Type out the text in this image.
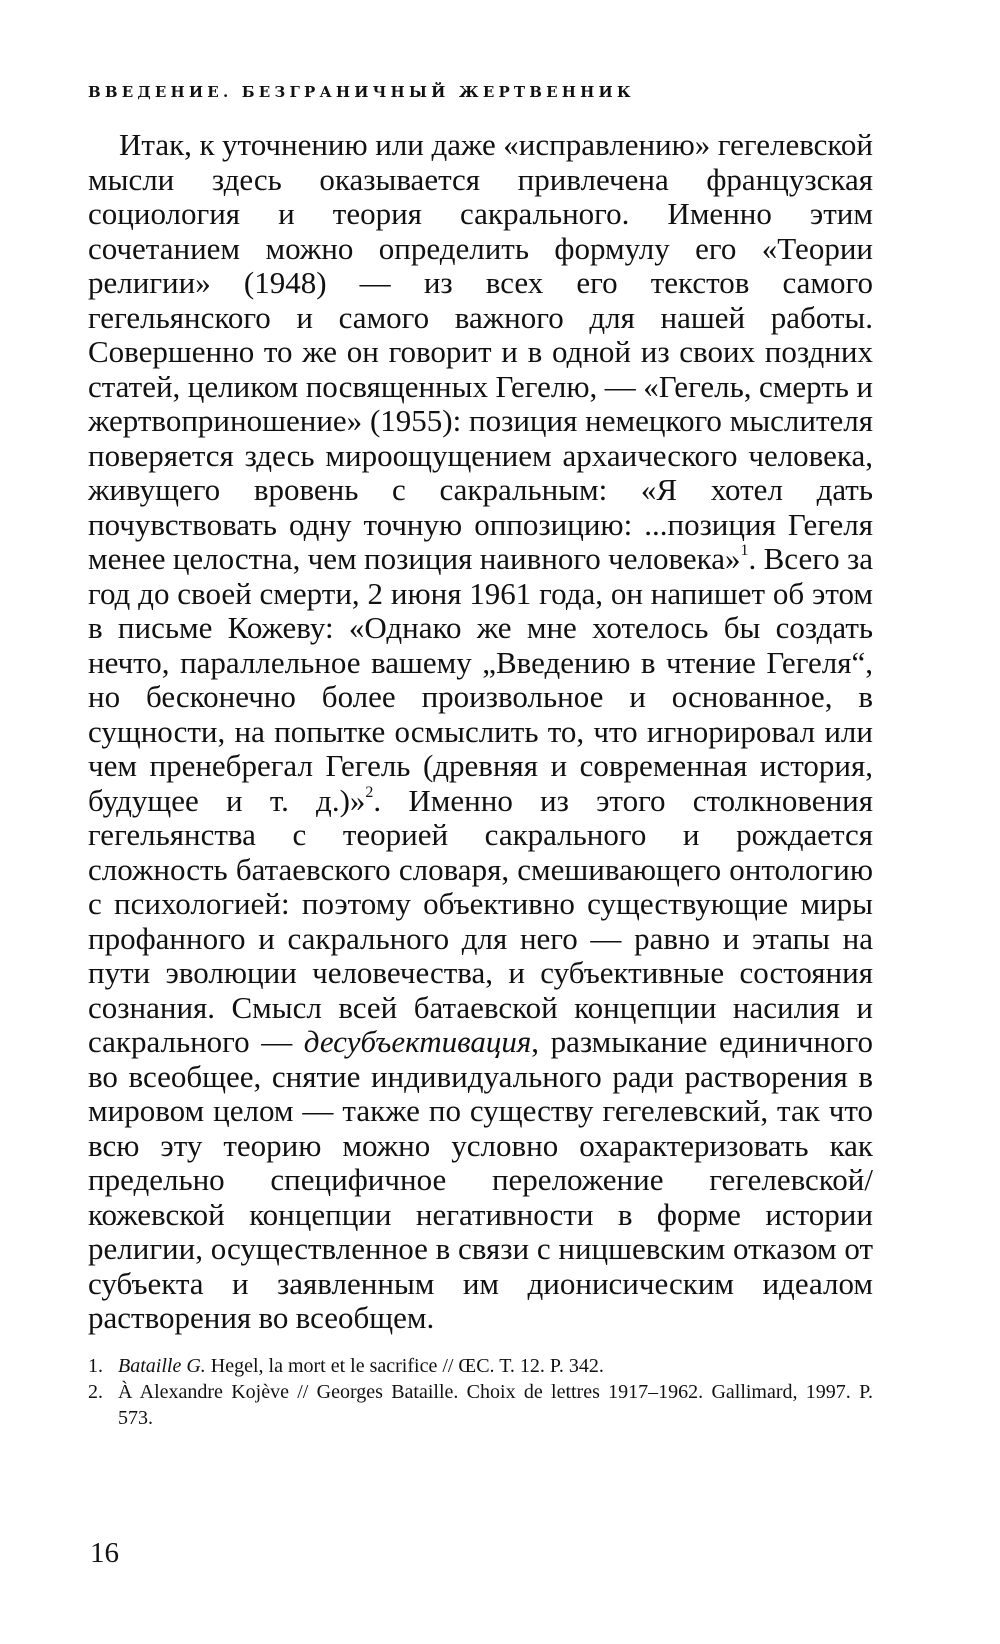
ВВЕДЕНИЕ. БЕЗГРАНИЧНЫЙ ЖЕРТВЕННИК

Итак, к уточнению или даже «исправлению» гегелевской мысли здесь оказывается привлечена французская социология и теория сакрального. Именно этим сочетанием можно определить формулу его «Теории религии» (1948) — из всех его текстов самого гегельянского и самого важного для нашей работы. Совершенно то же он говорит и в одной из своих поздних статей, целиком посвященных Гегелю, — «Гегель, смерть и жертвоприношение» (1955): позиция немецкого мыслителя поверяется здесь мироощущением архаического человека, живущего вровень с сакральным: «Я хотел дать почувствовать одну точную оппозицию: ...позиция Гегеля менее целостна, чем позиция наивного человека»$^1$. Всего за год до своей смерти, 2 июня 1961 года, он напишет об этом в письме Кожеву: «Однако же мне хотелось бы создать нечто, параллельное вашему „Введению в чтение Гегеля“, но бесконечно более произвольное и основанное, в сущности, на попытке осмыслить то, что игнорировал или чем пренебрегал Гегель (древняя и современная история, будущее и т. д.)»$^2$. Именно из этого столкновения гегельянства с теорией сакрального и рождается сложность батаевского словаря, смешивающего онтологию с психологией: поэтому объективно существующие миры профанного и сакрального для него — равно и этапы на пути эволюции человечества, и субъективные состояния сознания. Смысл всей батаевской концепции насилия и сакрального — десубъективация, размыкание единичного во всеобщее, снятие индивидуального ради растворения в мировом целом — также по существу гегелевский, так что всю эту теорию можно условно охарактеризовать как предельно специфичное переложение гегелевской/кожевской концепции негативности в форме истории религии, осуществленное в связи с ницшевским отказом от субъекта и заявленным им дионисическим идеалом растворения во всеобщем.

1. Bataille G. Hegel, la mort et le sacrifice // ŒC. T. 12. P. 342.
2. À Alexandre Kojève // Georges Bataille. Choix de lettres 1917–1962. Gallimard, 1997. P. 573.
16
